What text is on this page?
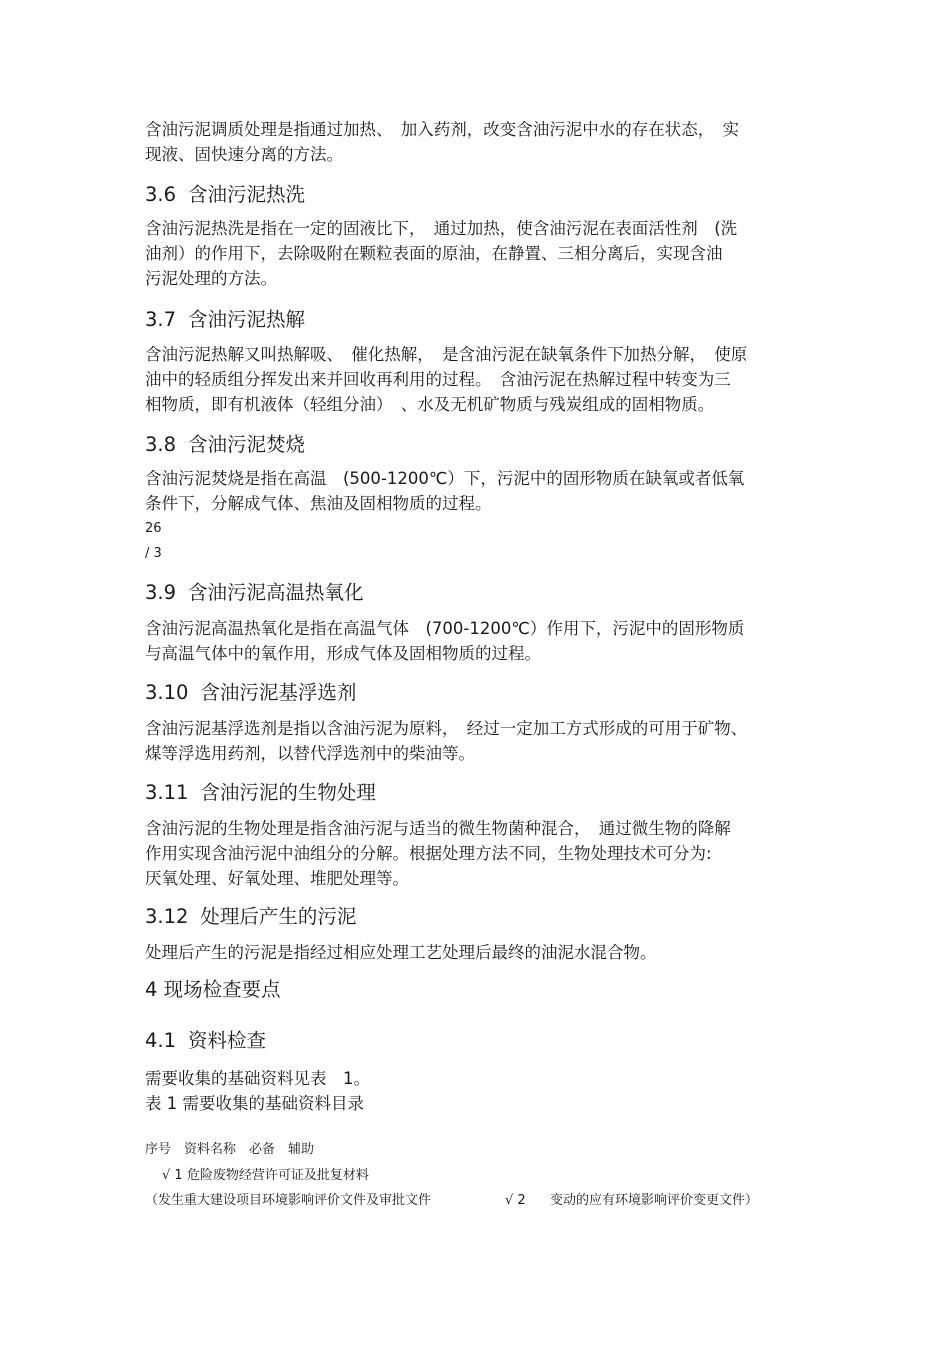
含油污泥调质处理是指通过加热、　加入药剂，改变含油污泥中水的存在状态，　实
现液、固快速分离的方法。
3.6 含油污泥热洗
含油污泥热洗是指在一定的固液比下，　通过加热，使含油污泥在表面活性剂　(洗
油剂）的作用下，去除吸附在颗粒表面的原油，在静置、三相分离后，实现含油
污泥处理的方法。
3.7 含油污泥热解
含油污泥热解又叫热解吸、　催化热解，　是含油污泥在缺氧条件下加热分解，　使原
油中的轻质组分挥发出来并回收再利用的过程。　含油污泥在热解过程中转变为三
相物质，即有机液体（轻组分油）　、水及无机矿物质与残炭组成的固相物质。
3.8 含油污泥焚烧
含油污泥焚烧是指在高温　(500-1200℃）下，污泥中的固形物质在缺氧或者低氧
条件下，分解成气体、焦油及固相物质的过程。
26
/ 3
3.9 含油污泥高温热氧化
含油污泥高温热氧化是指在高温气体　(700-1200℃）作用下，污泥中的固形物质
与高温气体中的氧作用，形成气体及固相物质的过程。
3.10 含油污泥基浮选剂
含油污泥基浮选剂是指以含油污泥为原料，　经过一定加工方式形成的可用于矿物、
煤等浮选用药剂，以替代浮选剂中的柴油等。
3.11 含油污泥的生物处理
含油污泥的生物处理是指含油污泥与适当的微生物菌种混合，　通过微生物的降解
作用实现含油污泥中油组分的分解。根据处理方法不同，生物处理技术可分为:
厌氧处理、好氧处理、堆肥处理等。
3.12 处理后产生的污泥
处理后产生的污泥是指经过相应处理工艺处理后最终的油泥水混合物。
4 现场检查要点
4.1 资料检查
需要收集的基础资料见表　1。
表 1 需要收集的基础资料目录
序号　资料名称　必备　辅助
√ 1 危险废物经营许可证及批复材料
（发生重大建设项目环境影响评价文件及审批文件	√ 2 变动的应有环境影响评价变更文件）
